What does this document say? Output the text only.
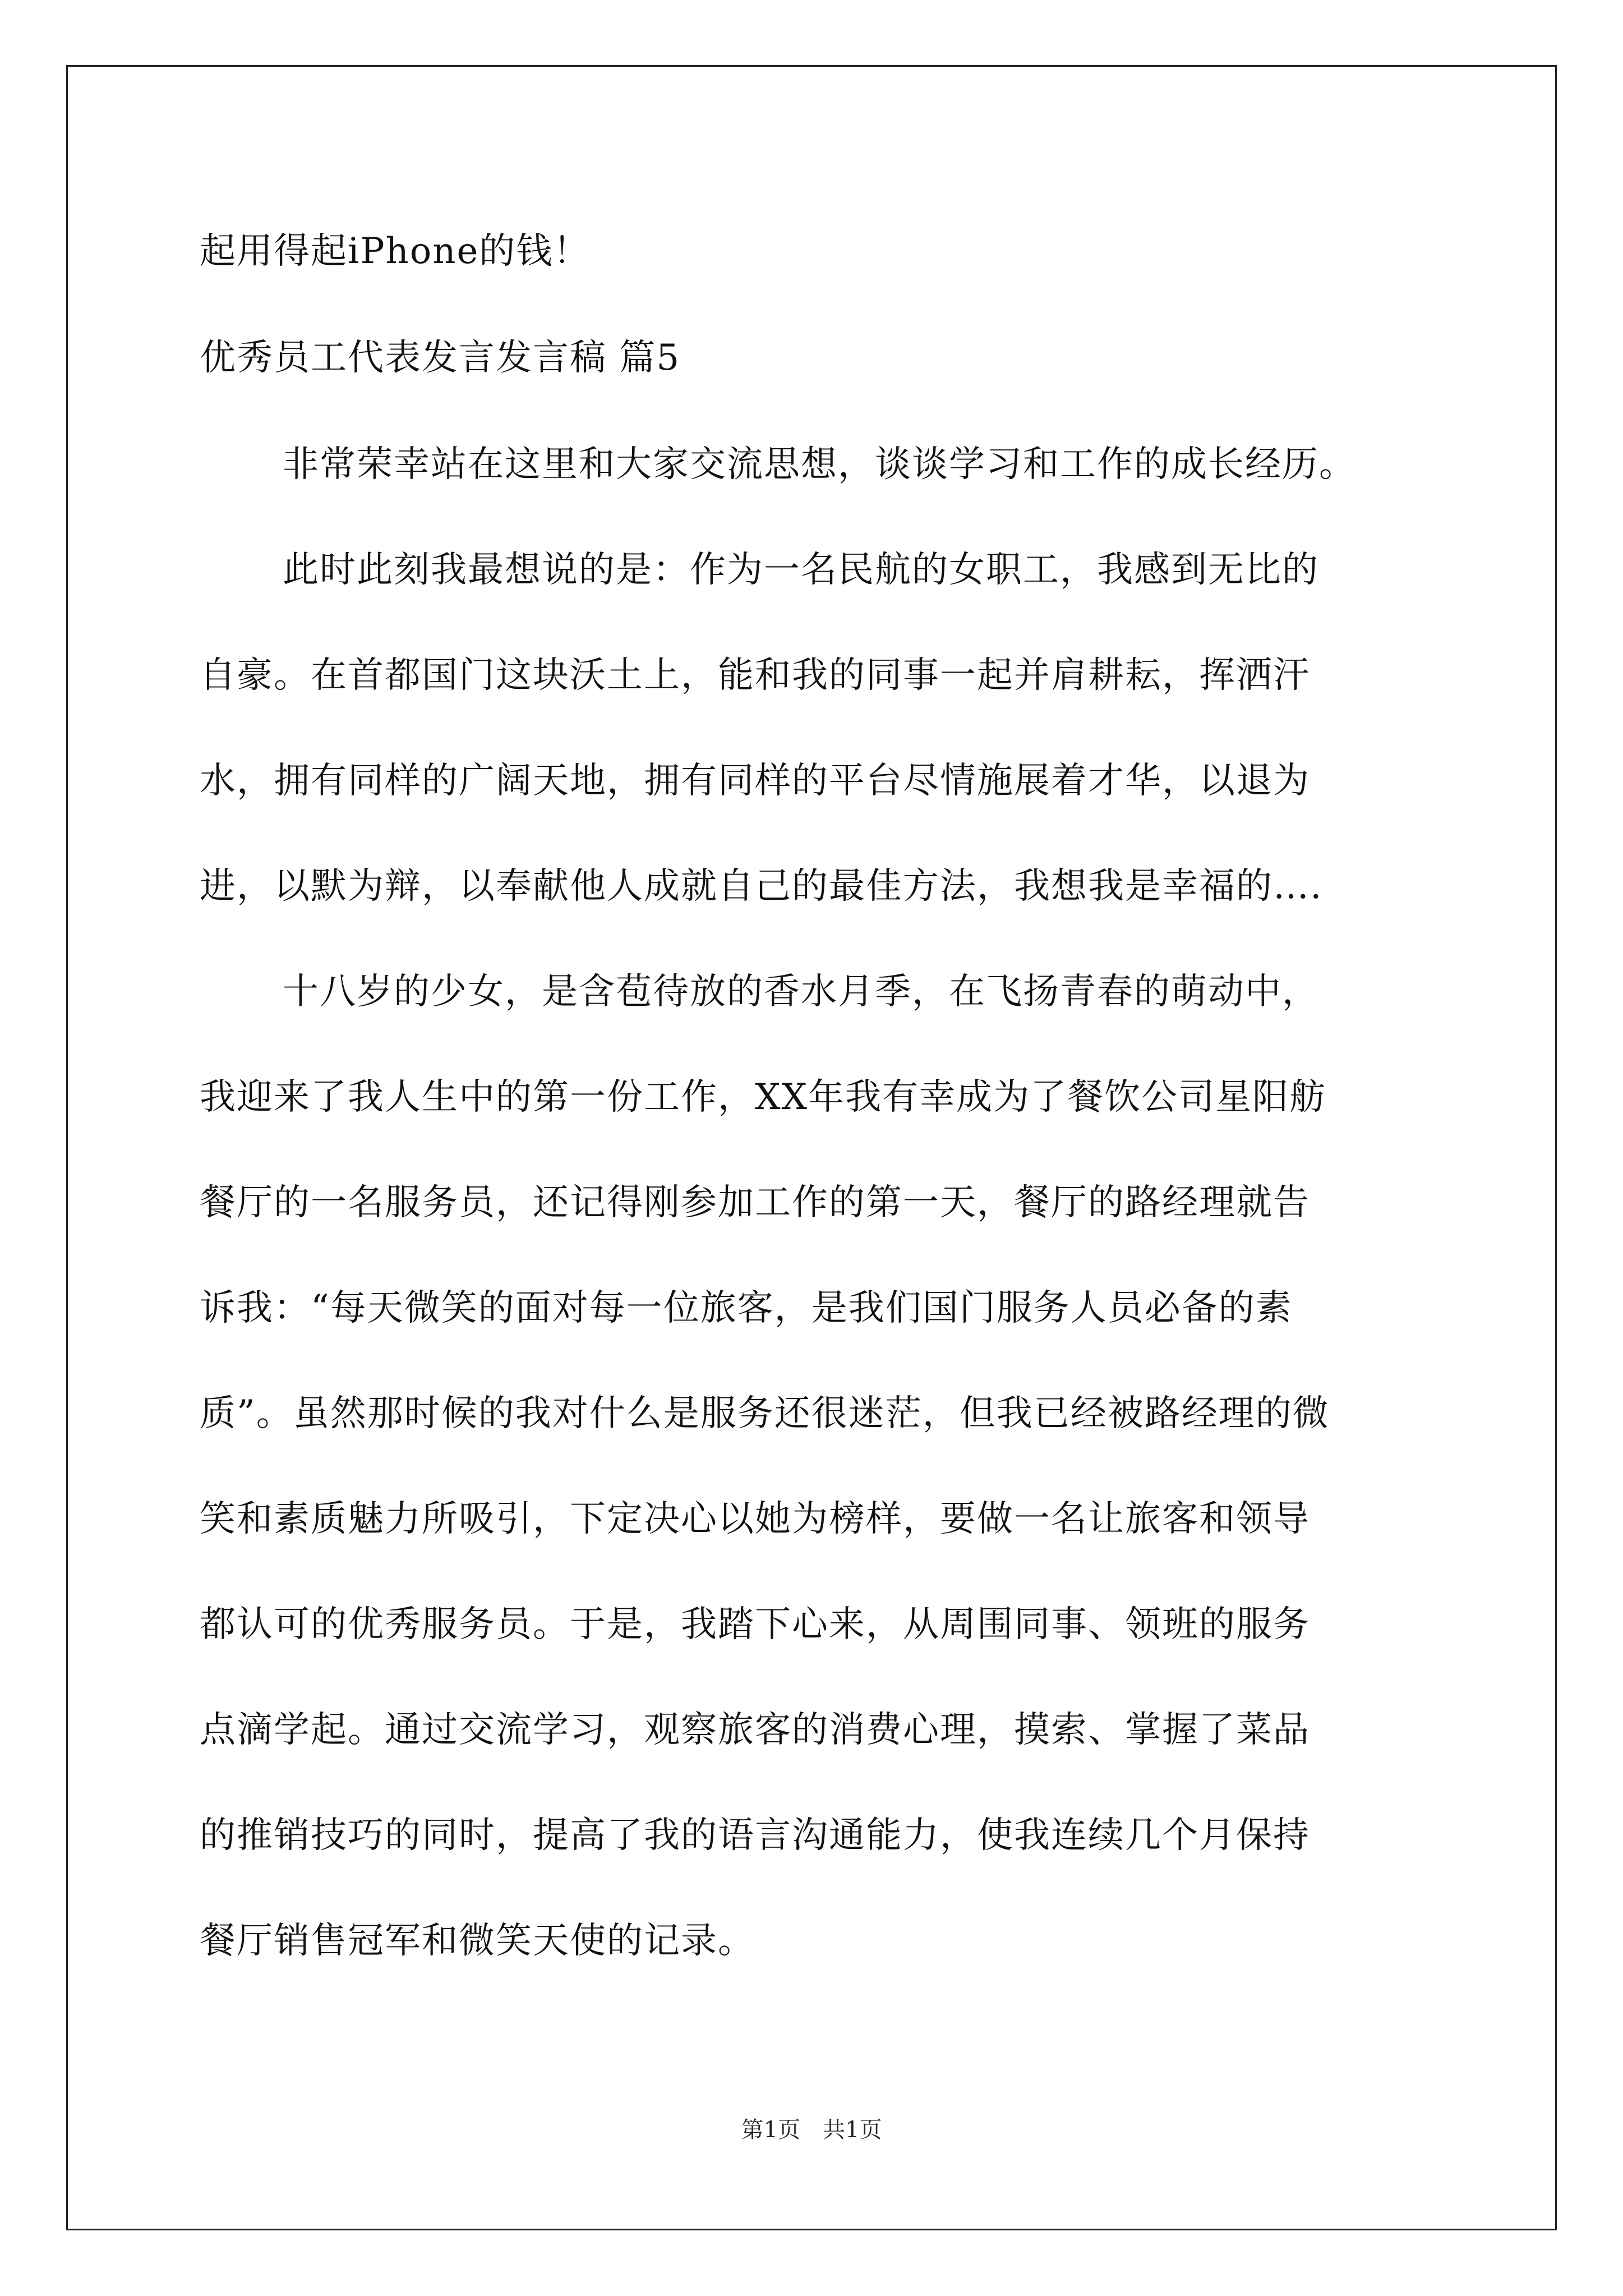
起用得起iPhone的钱！
优秀员工代表发言发言稿 篇5
非常荣幸站在这里和大家交流思想，谈谈学习和工作的成长经历。
此时此刻我最想说的是：作为一名民航的女职工，我感到无比的
自豪。在首都国门这块沃土上，能和我的同事一起并肩耕耘，挥洒汗
水，拥有同样的广阔天地，拥有同样的平台尽情施展着才华，以退为
进，以默为辩，以奉献他人成就自己的最佳方法，我想我是幸福的….
十八岁的少女，是含苞待放的香水月季，在飞扬青春的萌动中，
我迎来了我人生中的第一份工作，XX年我有幸成为了餐饮公司星阳舫
餐厅的一名服务员，还记得刚参加工作的第一天，餐厅的路经理就告
诉我：“每天微笑的面对每一位旅客，是我们国门服务人员必备的素
质”。虽然那时候的我对什么是服务还很迷茫，但我已经被路经理的微
笑和素质魅力所吸引，下定决心以她为榜样，要做一名让旅客和领导
都认可的优秀服务员。于是，我踏下心来，从周围同事、领班的服务
点滴学起。通过交流学习，观察旅客的消费心理，摸索、掌握了菜品
的推销技巧的同时，提高了我的语言沟通能力，使我连续几个月保持
餐厅销售冠军和微笑天使的记录。
第1页　共1页
